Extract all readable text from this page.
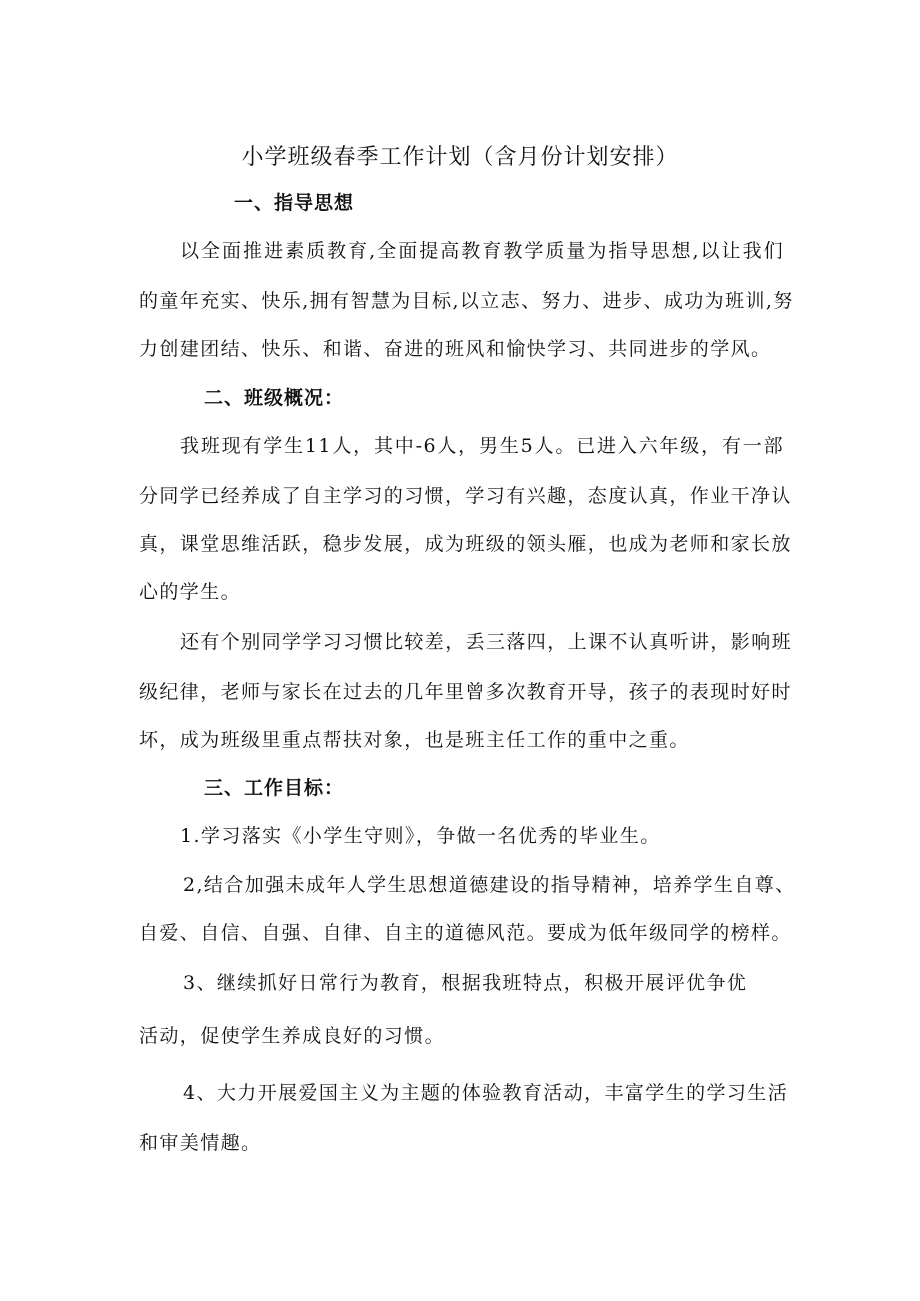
小学班级春季工作计划（含月份计划安排）
一、指导思想
以全面推进素质教育,全面提高教育教学质量为指导思想,以让我们
的童年充实、快乐,拥有智慧为目标,以立志、努力、进步、成功为班训,努
力创建团结、快乐、和谐、奋进的班风和愉快学习、共同进步的学风。
二、班级概况：
我班现有学生11人，其中-6人，男生5人。已进入六年级，有一部
分同学已经养成了自主学习的习惯，学习有兴趣，态度认真，作业干净认
真，课堂思维活跃，稳步发展，成为班级的领头雁，也成为老师和家长放
心的学生。
还有个别同学学习习惯比较差，丢三落四，上课不认真听讲，影响班
级纪律，老师与家长在过去的几年里曾多次教育开导，孩子的表现时好时
坏，成为班级里重点帮扶对象，也是班主任工作的重中之重。
三、工作目标：
1.学习落实《小学生守则》，争做一名优秀的毕业生。
2,结合加强未成年人学生思想道德建设的指导精神，培养学生自尊、
自爱、自信、自强、自律、自主的道德风范。要成为低年级同学的榜样。
3、继续抓好日常行为教育，根据我班特点，积极开展评优争优
活动，促使学生养成良好的习惯。
4、大力开展爱国主义为主题的体验教育活动，丰富学生的学习生活
和审美情趣。
